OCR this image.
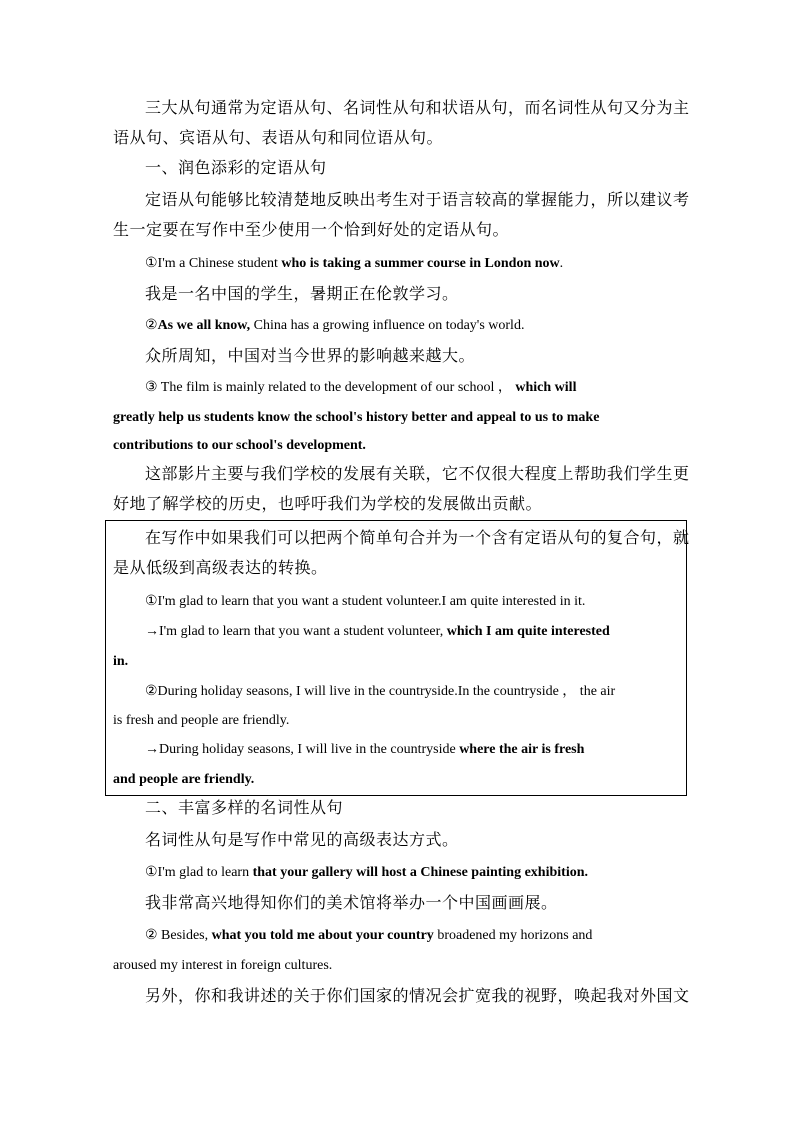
三大从句通常为定语从句、名词性从句和状语从句，而名词性从句又分为主
语从句、宾语从句、表语从句和同位语从句。
一、润色添彩的定语从句
定语从句能够比较清楚地反映出考生对于语言较高的掌握能力，所以建议考
生一定要在写作中至少使用一个恰到好处的定语从句。
①I'm a Chinese student who is taking a summer course in London now.
我是一名中国的学生，暑期正在伦敦学习。
②As we all know, China has a growing influence on today's world.
众所周知，中国对当今世界的影响越来越大。
③ The film is mainly related to the development of our school ， which will
greatly help us students know the school's history better and appeal to us to make
contributions to our school's development.
这部影片主要与我们学校的发展有关联，它不仅很大程度上帮助我们学生更
好地了解学校的历史，也呼吁我们为学校的发展做出贡献。
在写作中如果我们可以把两个简单句合并为一个含有定语从句的复合句，就
是从低级到高级表达的转换。
①I'm glad to learn that you want a student volunteer.I am quite interested in it.
→I'm glad to learn that you want a student volunteer, which I am quite interested
in.
②During holiday seasons, I will live in the countryside.In the countryside ， the air
is fresh and people are friendly.
→During holiday seasons, I will live in the countryside where the air is fresh
and people are friendly.
二、丰富多样的名词性从句
名词性从句是写作中常见的高级表达方式。
①I'm glad to learn that your gallery will host a Chinese painting exhibition.
我非常高兴地得知你们的美术馆将举办一个中国画画展。
② Besides, what you told me about your country broadened my horizons and
aroused my interest in foreign cultures.
另外，你和我讲述的关于你们国家的情况会扩宽我的视野，唤起我对外国文
